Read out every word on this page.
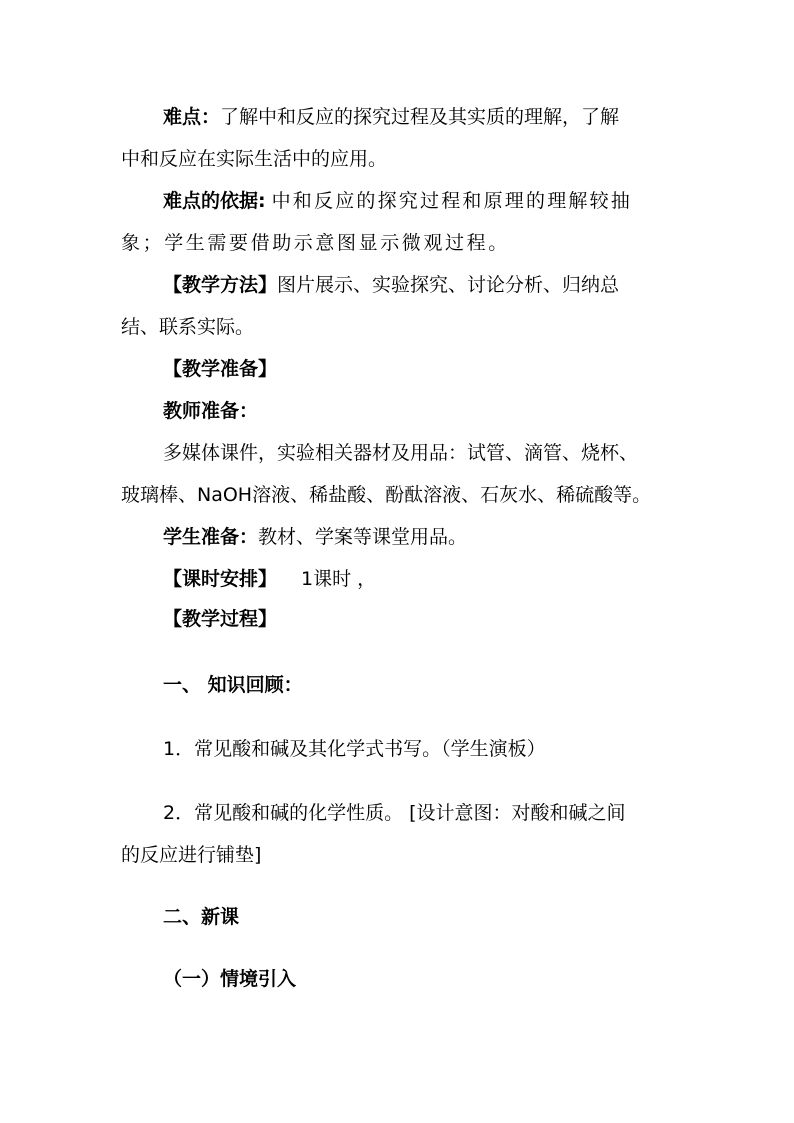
难点：了解中和反应的探究过程及其实质的理解，了解
中和反应在实际生活中的应用。
难点的依据: 中和反应的探究过程和原理的理解较抽
象；学生需要借助示意图显示微观过程。
【教学方法】图片展示、实验探究、讨论分析、归纳总
结、联系实际。
【教学准备】
教师准备：
多媒体课件，实验相关器材及用品：试管、滴管、烧杯、
玻璃棒、NaOH溶液、稀盐酸、酚酞溶液、石灰水、稀硫酸等。
学生准备：教材、学案等课堂用品。
【课时安排】 1课时 ，
【教学过程】
一、 知识回顾：
1．常见酸和碱及其化学式书写。（学生演板）
2．常见酸和碱的化学性质。 [设计意图：对酸和碱之间
的反应进行铺垫]
二、新课
（一）情境引入
